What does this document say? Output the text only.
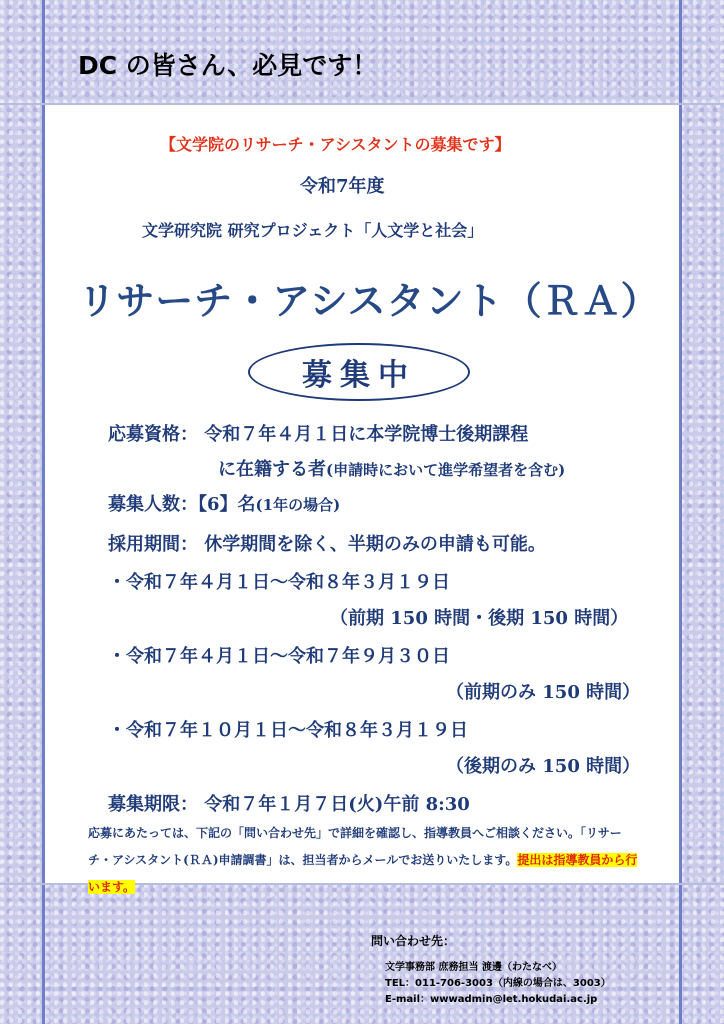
DC の皆さん、必見です！

【文学院のリサーチ・アシスタントの募集です】

令和7年度

文学研究院 研究プロジェクト「人文学と社会」

リサーチ・アシスタント（ＲＡ）

募集中

応募資格： 令和７年４月１日に本学院博士後期課程

に在籍する者(申請時において進学希望者を含む)

募集人数：【6】名(1年の場合)

採用期間： 休学期間を除く、半期のみの申請も可能。

・令和７年４月１日～令和８年３月１９日

（前期 150 時間・後期 150 時間）

・令和７年４月１日～令和７年９月３０日

（前期のみ 150 時間）

・令和７年１０月１日～令和８年３月１９日

（後期のみ 150 時間）

募集期限： 令和７年１月７日(火)午前 8:30

応募にあたっては、下記の「問い合わせ先」で詳細を確認し、指導教員へご相談ください。「リサーチ・アシスタント(ＲＡ)申請調書」は、担当者からメールでお送りいたします。提出は指導教員から行います。

問い合わせ先：

文学事務部 庶務担当 渡邊（わたなべ）

TEL：011-706-3003（内線の場合は、3003）

E-mail：wwwadmin@let.hokudai.ac.jp
